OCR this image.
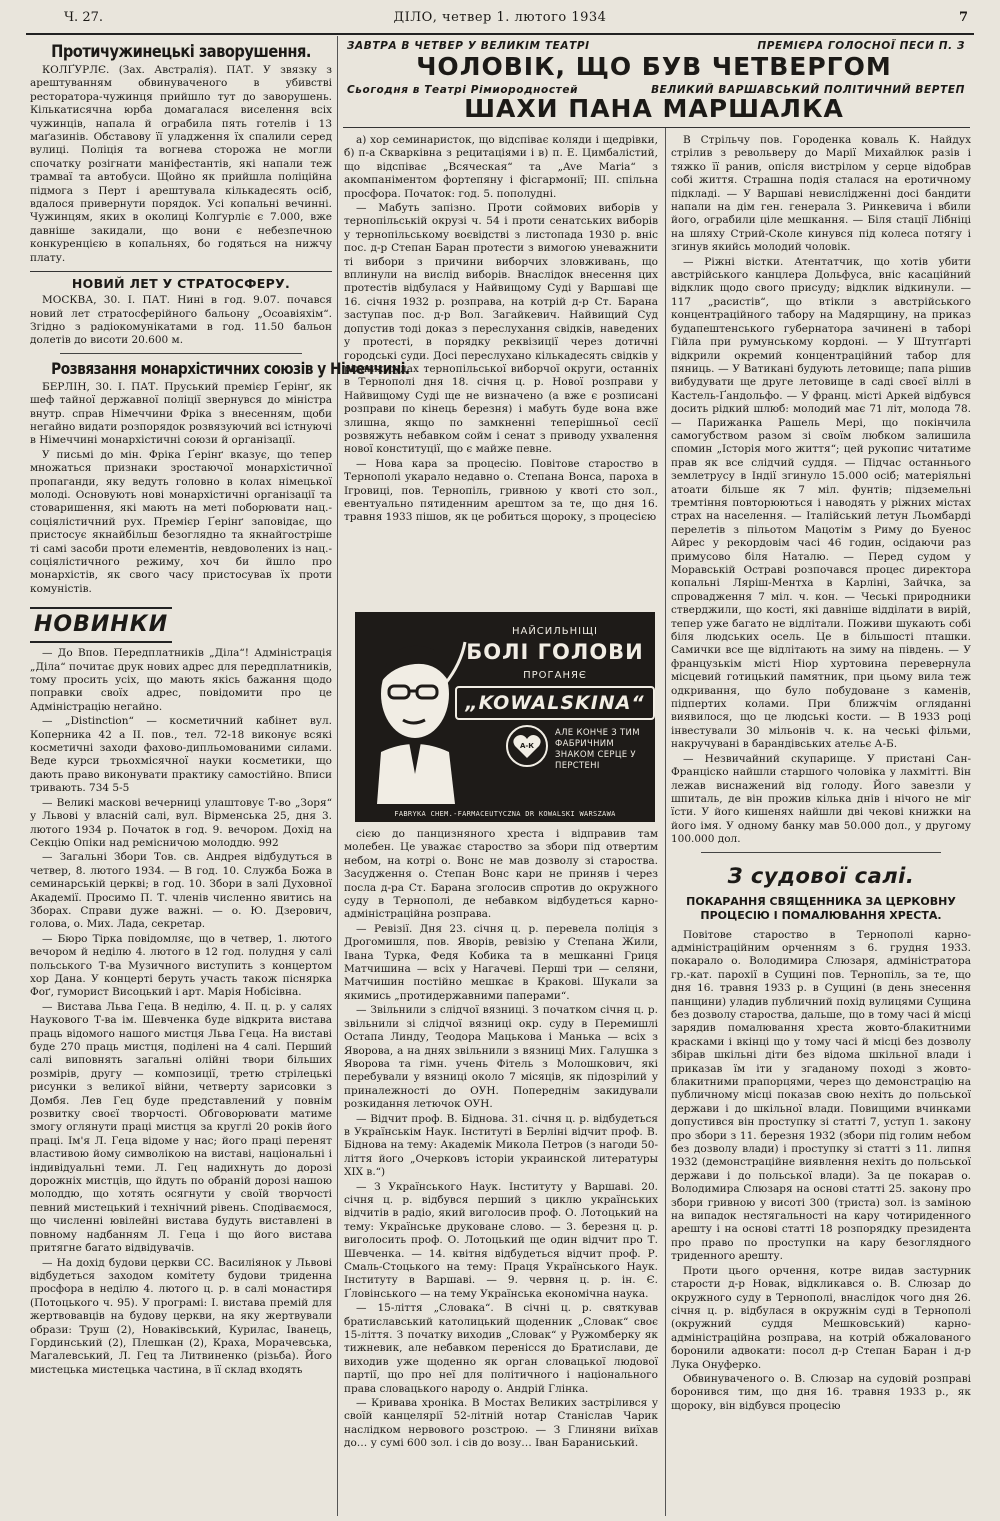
Ч. 27.	ДІЛО, четвер 1. лютого 1934	7
Протичужинецькі заворушення.

КОЛҐУРЛЄ. (Зах. Австралія). ПАТ. У звязку з арештуванням обвинуваченого в убивстві ресторатора-чужинця прийшло тут до заворушень. Кількатисячна юрба домагалася виселення всіх чужинців, напала й ограбила пять готелів і 13 маґазинів. Обставову її уладження їх спалили серед вулиці. Поліція та вогнева сторожа не могли спочатку розігнати маніфестантів, які напали теж трамваї та автобуси. Щойно як прийшла поліційна підмога з Перт і арештувала кількадесять осіб, вдалося привернути порядок. Усі копальні вечинні. Чужинцям, яких в околиці Колґурліє є 7.000, вже давніше закидали, що вони є небезпечною конкуренцією в копальнях, бо годяться на нижчу плату.

НОВИЙ ЛЕТ У СТРАТОСФЕРУ.

МОСКВА, 30. І. ПАТ. Нині в год. 9.07. почався новий лет стратосферійного бальону „Осоавіяхім“. Згідно з радіокомунікатами в год. 11.50 бальон долетів до висоти 20.600 м.

Розвязання монархістичних союзів у Німеччині.

БЕРЛІН, 30. І. ПАТ. Пруський премієр Ґерінґ, як шеф тайної державної поліції звернувся до міністра внутр. справ Німеччини Фріка з внесенням, щоби негайно видати розпорядок розвязуючий всі істнуючі в Німеччині монархістичні союзи й організації.

У письмі до мін. Фріка Ґерінґ вказує, що тепер множаться признаки зростаючої монархістичної пропаганди, яку ведуть головно в колах німецької молоді. Основують нові монархістичні організації та стоваришення, які мають на меті поборювати нац.-соціялістичний рух. Премієр Ґерінґ заповідає, що пристосує якнайбільш безоглядно та якнайгостріше ті самі засоби проти елементів, невдоволених із нац.-соціялістичного режиму, хоч би йшло про монархістів, як свого часу пристосував їх проти комуністів.

НОВИНКИ

— До Впов. Передплатників „Діла“! Адміністрація „Діла“ почитає друк нових адрес для передплатників, тому просить усіх, що мають якісь бажання щодо поправки своїх адрес, повідомити про це Адміністрацію негайно.

— „Distinction“ — косметичний кабінет вул. Коперника 42 а ІІ. пов., тел. 72-18 виконує всякі косметичні заходи фахово-дипльомованими силами. Веде курси трьохмісячної науки косметики, що дають право виконувати практику самостійно. Вписи тривають. 734 5-5

— Великі маскові вечерниці улаштовує Т-во „Зоря“ у Львові у власній салі, вул. Вірменська 25, дня 3. лютого 1934 р. Початок в год. 9. вечором. Дохід на Секцію Опіки над ремісничою молоддю. 992

— Загальні Збори Тов. св. Андрея відбудуться в четвер, 8. лютого 1934. — В год. 10. Служба Божа в семинарській церкві; в год. 10. Збори в залі Духовної Академії. Просимо П. Т. членів численно явитись на Зборах. Справи дуже важні. — о. Ю. Дзерович, голова, о. Мих. Лада, секретар.

— Бюро Тірка повідомляє, що в четвер, 1. лютого вечором й неділю 4. лютого в 12 год. полудня у салі польського Т-ва Музичного виступить з концертом хор Дана. У концерті беруть участь також піснярка Фоґ, гуморист Висоцький і арт. Марія Нобісівна.

— Вистава Льва Геца. В неділю, 4. II. ц. р. у салях Наукового Т-ва ім. Шевченка буде відкрита вистава праць відомого нашого мистця Льва Геца. На виставі буде 270 праць мистця, поділені на 4 салі. Перший салі виповнять загальні олійні твори більших розмірів, другу — композиції, третю стрілецькі рисунки з великої війни, четверту зарисовки з Домбя. Лев Гец буде представлений у повнім розвитку своєї творчості. Обговорювати матиме змогу оглянути праці мистця за круглі 20 років його праці. Ім'я Л. Геца відоме у нас; його праці перенят властивою йому символікою на виставі, національні і індивідуальні теми. Л. Гец надихнуть до дорозі дорожніх мистців, що йдуть по обраній дорозі нашою молоддю, що хотять осягнути у своїй творчості певний мистецький і технічний рівень. Сподіваємося, що численні ювілейні вистава будуть виставлені в повному надбанням Л. Геца і що його вистава притягне багато відвідувачів.

— На дохід будови церкви СС. Василіянок у Львові відбудеться заходом комітету будови триденна просфора в неділю 4. лютого ц. р. в салі монастиря (Потоцького ч. 95). У програмі: І. вистава премій для жертвовавців на будову церкви, на яку жертвували образи: Труш (2), Новаківський, Курилас, Іванець, Гординський (2), Плешкан (2), Крaха, Морачевська, Магалевський, Л. Гец та Литвиненко (різьба). Його мистецька мистецька частина, в її склад входять

ЗАВТРА В ЧЕТВЕР У ВЕЛИКІМ ТЕАТРІ	ПРЕМІЄРА ГОЛОСНОЇ ПЕСИ П. З
ЧОЛОВІК, ЩО БУВ ЧЕТВЕРГОМ
Сьогодня в Театрі Рімиородностей	ВЕЛИКИЙ ВАРШАВСЬКИЙ ПОЛІТИЧНИЙ ВЕРТЕП
ШАХИ ПАНА МАРШАЛКА

а) хор семинаристок, що відспіває коляди і щедрівки, б) п-а Скварківна з рецитаціями і в) п. Е. Цимбалістий, що відспіває „Всяческая“ та „Ave Maria“ з акомпаніментом фортепяну і фісгармонії; ІІІ. спільна просфора. Початок: год. 5. пополудні.

— Мабуть запізно. Проти соймових виборів у тернопільській окрузі ч. 54 і проти сенатських виборів у тернопільському воєвідстві з листопада 1930 р. вніс пос. д-р Степан Баран протести з вимогою уневажнити ті вибори з причини виборчих зловживань, що вплинули на вислід виборів. Внаслідок внесення цих протестів відбулася у Найвищому Суді у Варшаві ще 16. січня 1932 р. розправа, на котрій д-р Ст. Барана заступав пос. д-р Вол. Загайкевич. Найвищий Суд допустив тоді доказ з переслухання свідків, наведених у протесті, в порядку реквізиції через дотичні городські суди. Досі переслухано кількадесять свідків у ріжних судах тернопільської виборчої округи, останніх в Тернополі дня 18. січня ц. р. Нової розправи у Найвищому Суді ще не визначено (а вже є розписані розправи по кінець березня) і мабуть буде вона вже злишна, якщо по замкненні теперішньої сесії розвяжуть небавком сойм і сенат з приводу ухвалення нової конституції, що є майже певне.

— Нова кара за процесію. Повітове староство в Тернополі укарало недавно о. Степана Вонса, пароха в Ігровиці, пов. Тернопіль, гривною у квоті сто зол., евентуально пятиденним арештом за те, що дня 16. травня 1933 пішов, як це робиться щороку, з процесією

НАЙСИЛЬНІЩІ
БОЛІ ГОЛОВИ
ПРОГАНЯЄ
„KOWALSKINA“
А-К
АЛЕ КОНЧЕ З ТИМ ФАБРИЧНИМ ЗНАКОМ СЕРЦЕ У ПЕРСТЕНІ
FABRYKA CHEM.-FARMACEUTYCZNA DR KOWALSKI WARSZAWA

сією до панцизняного хреста і відправив там молебен. Це уважає староство за збори під отвертим небом, на котрі о. Вонс не мав дозволу зі староства. Засудження о. Степан Вонс кари не приняв і через посла д-ра Ст. Барана зголосив спротив до окружного суду в Тернополі, де небавком відбудеться карно-адміністраційна розправа.

— Ревізії. Дня 23. січня ц. р. перевела поліція з Дрогомишля, пов. Яворів, ревізію у Степана Жили, Івана Турка, Федя Кобика та в мешканні Гриця Матчишина — всіх у Нагачеві. Перші три — селяни, Матчишин постійно мешкає в Кракові. Шукали за якимись „протидержавними паперами“.

— Звільнили з слідчої вязниці. З початком січня ц. р. звільнили зі слідчої вязниці окр. суду в Перемишлі Остапа Линду, Теодора Мацькова і Манька — всіх з Яворова, а на днях звільнили з вязниці Мих. Галушка з Яворова та гімн. учень Фітель з Молошкович, які перебували у вязниці около 7 місяців, як підозрілий у приналежності до ОУН. Попереднім закидували розкидання летючок ОУН.

— Відчит проф. В. Біднова. 31. січня ц. р. відбудеться в Українськім Наук. Інституті в Берліні відчит проф. В. Біднова на тему: Академік Микола Петров (з нагоди 50-ліття його „Очерковъ історіи украинской литературы XIX в.“)

— З Українського Наук. Інституту у Варшаві. 20. січня ц. р. відбувся перший з циклю українських відчитів в радіо, який виголосив проф. О. Лотоцький на тему: Українське друковане слово. — 3. березня ц. р. виголосить проф. О. Лотоцький ще один відчит про Т. Шевченка. — 14. квітня відбудеться відчит проф. Р. Смаль-Стоцького на тему: Праця Українського Наук. Інституту в Варшаві. — 9. червня ц. р. ін. Є. Ґловінського — на тему Українська економічна наука.

— 15-ліття „Словака“. В січні ц. р. святкував братиславський католицький щоденник „Словак“ своє 15-ліття. З початку виходив „Словак“ у Ружомберку як тижневик, але небавком перенісся до Братислави, де виходив уже щоденно як орган словацької людової партії, що про неї для політичного і національного права словацького народу о. Андрій Глінка.

— Кривава хроніка. В Мостах Великих застрілився у своїй канцелярії 52-літній нотар Станіслав Чарик наслідком нервового розстрою. — З Глиняни виїхав до… у сумі 600 зол. і сів до возу… Іван Бараниський.

В Стрільчу пов. Городенка коваль К. Найдух стрілив з револьверу до Марії Михайлюк разів і тяжко її ранив, опісля вистрілом у серце відобрав собі життя. Страшна подія сталася на еротичному підкладі. — У Варшаві невислідженні досі бандити напали на дім ген. генерала З. Ринкевича і вбили його, ограбили ціле мешкання. — Біля стації Лібніці на шляху Стрий-Сколе кинувся під колеса потягу і згинув якийсь молодий чоловік.

— Ріжні вістки. Атентатчик, що хотів убити австрійського канцлера Дольфуса, вніс касаційний відклик щодо свого присуду; відклик відкинули. — 117 „расистів“, що втікли з австрійського концентраційного табору на Мадярщину, на приказ будапештенського губернатора зачинені в таборі Гійла при румунському кордоні. — У Штутґарті відкрили окремий концентраційний табор для пяниць. — У Ватикані будують летовище; папа рішив вибудувати ще друге летовище в саді своєї віллі в Кастель-Ґандольфо. — У франц. місті Аркей відбувся досить рідкий шлюб: молодий має 71 літ, молода 78. — Парижанка Рашель Мері, що покінчила самогубством разом зі своїм любком залишила спомин „Історія мого життя“; цей рукопис читатиме прaв як все слідчий суддя. — Підчас останнього землетрусу в Індії згинуло 15.000 осіб; матеріяльні атоати більше як 7 міл. фунтів; підземельні тремтіння повторюються і наводять у ріжних містах страх на населення. — Італійський летун Льомбарді перелетів з пільотом Мацотім з Риму до Буенос Айрес у рекордовім часі 46 годин, осідаючи раз примусово біля Наталю. — Перед судом у Моравській Остраві розпочався процес директора копальні Ляріш-Ментха в Карліні, Зайчка, за спровадження 7 міл. ч. кон. — Чеські природники стверджили, що кості, які давніше відділати в вирій, тепер уже багато не відлітали. Поживи шукають собі біля людських осель. Це в більшості пташки. Самички все ще відлітають на зиму на південь. — У французькім місті Ніор хуртовина перевернула місцевий готицький памятник, при цьому вила теж одкривання, що було побудоване з каменів, підпертих колами. При ближчім огляданні виявилося, що це людські кости. — В 1933 році інвестували 30 мільонів ч. к. на чеські фільми, накручувані в барандівських ательє А-Б.

— Незвичайний скупарище. У пристані Сан-Франціско найшли старшого чоловіка у лахмітті. Він лежав виснажений від голоду. Його завезли у шпиталь, де він прожив кілька днів і нічого не міг їсти. У його кишенях найшли дві чекові книжки на його імя. У одному банку мав 50.000 дол., у другому 100.000 дол.

З судової салі.
ПОКАРАННЯ СВЯЩЕННИКА ЗА ЦЕРКОВНУ ПРОЦЕСІЮ І ПОМАЛЮВАННЯ ХРЕСТА.

Повітове староство в Тернополі карно-адміністраційним орченням з 6. грудня 1933. покарало о. Володимира Слюзаря, адміністратора гр.-кат. парохії в Сущині пов. Тернопіль, за те, що дня 16. травня 1933 р. в Сущині (в день знесення панщини) уладив публичний похід вулицями Сущина без дозволу староства, дальше, що в тому часі й місці зарядив помалювання хреста жовто-блакитними красками і вкінці що у тому часі й місці без дозволу збірав шкільні діти без відома шкільної влади і приказав їм іти у згаданому поході з жовто-блакитними прапорцями, через що демонстрацію на публичному місці показав свою нехіть до польської держави і до шкільної влади. Повищими вчинками допустився він проступку зі статті 7, уступ 1. закону про збори з 11. березня 1932 (збори під голим небом без дозволу влади) і проступку зі статті з 11. липня 1932 (демонстраційне виявлення нехіть до польської держави і до польської влади). За це покарав о. Володимира Слюзаря на основі статті 25. закону про збори гривною у висоті 300 (триста) зол. із заміною на випадок нестягальності на кару чотириденного арешту і на основі статті 18 розпорядку президента про право по проступки на кару безоглядного триденного арешту.

Проти цього орчення, котре видав застурник старости д-р Новак, відкликався о. В. Слюзар до окружного суду в Тернополі, внаслідок чого дня 26. січня ц. р. відбулася в окружнім суді в Тернополі (окружний суддя Мешковський) карно-адміністраційна розправа, на котрій обжалованого боронили адвокати: посол д-р Степан Баран і д-р Лука Онуферко.

Обвинуваченого о. В. Слюзар на судовій розправі боронився тим, що дня 16. травня 1933 р., як щороку, він відбувся процесію
